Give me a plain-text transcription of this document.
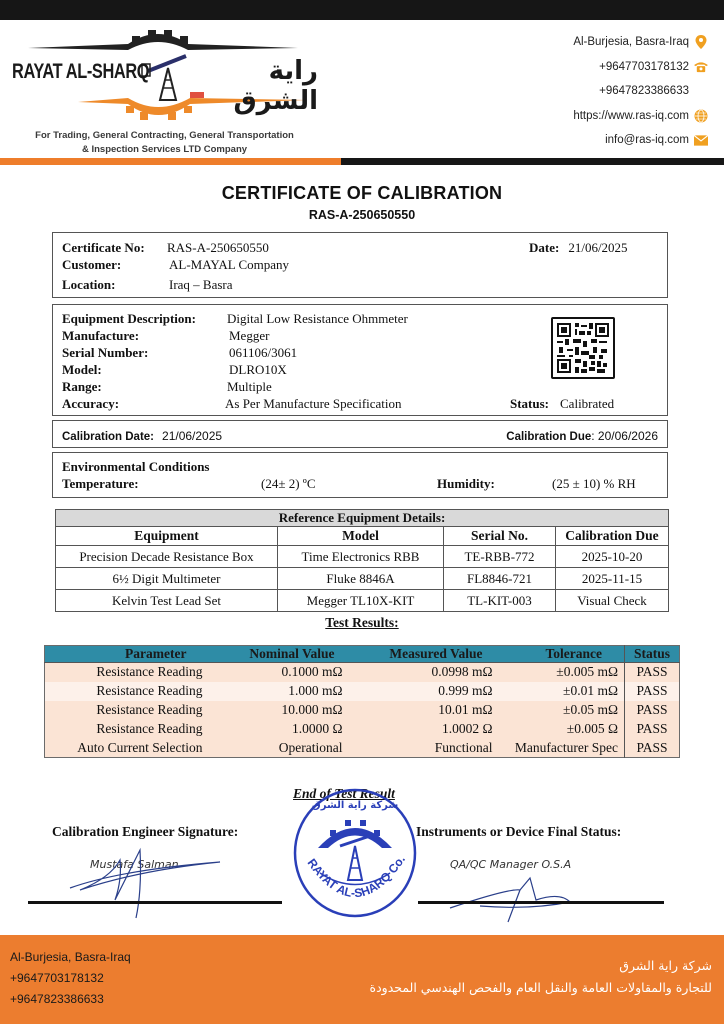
RAYAT AL-SHARQ	راية الشرق
For Trading, General Contracting, General Transportation
& Inspection Services LTD Company
Al-Burjesia, Basra-Iraq
+9647703178132
+9647823386633
https://www.ras-iq.com
info@ras-iq.com
CERTIFICATE OF CALIBRATION
RAS-A-250650550
Certificate No: RAS-A-250650550	Date: 21/06/2025
Customer:	AL-MAYAL Company
Location:	Iraq – Basra
Equipment Description: Digital Low Resistance Ohmmeter
Manufacture:	Megger
Serial Number:	061106/3061
Model:	DLRO10X
Range:	Multiple
Accuracy:	As Per Manufacture Specification	Status: Calibrated
Calibration Date: 21/06/2025	Calibration Due: 20/06/2026
Environmental Conditions
Temperature:	(24± 2) ºC	Humidity:	(25 ± 10) % RH
Reference Equipment Details:			
Equipment	Model	Serial No.	Calibration Due
Precision Decade Resistance Box	Time Electronics RBB	TE-RBB-772	2025-10-20
6½ Digit Multimeter	Fluke 8846A	FL8846-721	2025-11-15
Kelvin Test Lead Set	Megger TL10X-KIT	TL-KIT-003	Visual Check
Test Results:
Parameter	Nominal Value	Measured Value	Tolerance	Status
Resistance Reading	0.1000 mΩ	0.0998 mΩ	±0.005 mΩ	PASS
Resistance Reading	1.000 mΩ	0.999 mΩ	±0.01 mΩ	PASS
Resistance Reading	10.000 mΩ	10.01 mΩ	±0.05 mΩ	PASS
Resistance Reading	1.0000 Ω	1.0002 Ω	±0.005 Ω	PASS
Auto Current Selection	Operational	Functional	Manufacturer Spec	PASS
End of Test Result
Calibration Engineer Signature:	Instruments or Device Final Status:
Mustafa Salman	QA/QC Manager O.S.A
شركة راية الشرق
RAYAT AL-SHARQ Co.
Al-Burjesia, Basra-Iraq
+9647703178132
+9647823386633
شركة راية الشرق
للتجارة والمقاولات العامة والنقل العام والفحص الهندسي المحدودة
